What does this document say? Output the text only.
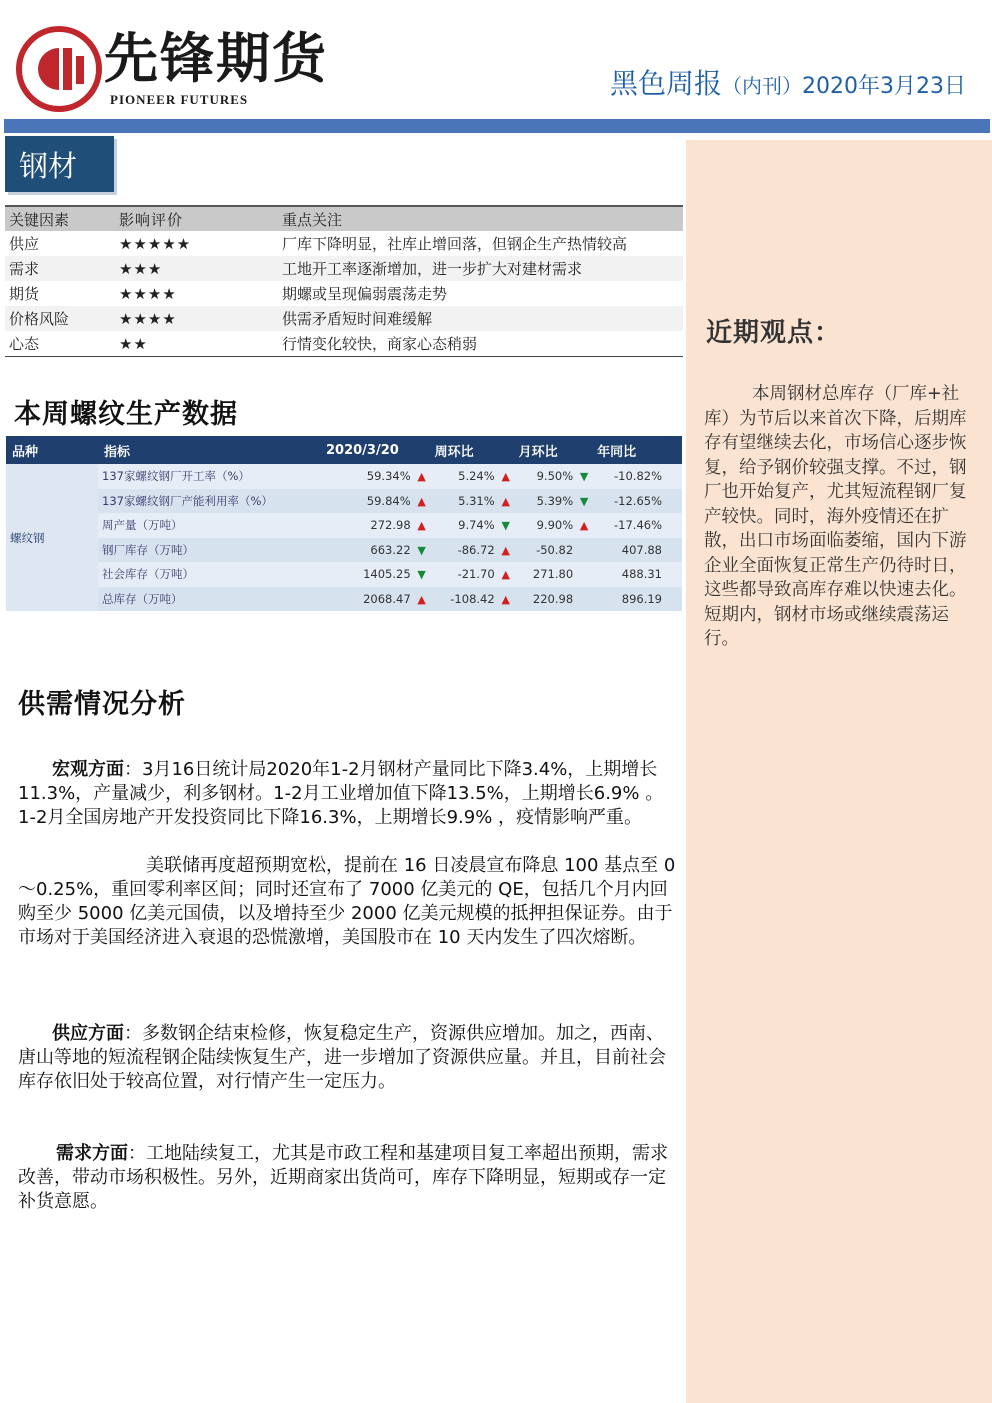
先锋期货
PIONEER FUTURES	黑色周报（内刊）2020年3月23日
近期观点：
本周钢材总库存（厂库+社库）为节后以来首次下降，后期库存有望继续去化，市场信心逐步恢复，给予钢价较强支撑。不过，钢厂也开始复产，尤其短流程钢厂复产较快。同时，海外疫情还在扩散，出口市场面临萎缩，国内下游企业全面恢复正常生产仍待时日，这些都导致高库存难以快速去化。短期内，钢材市场或继续震荡运行。
钢材
关键因素	影响评价	重点关注
供应	★★★★★	厂库下降明显，社库止增回落，但钢企生产热情较高
需求	★★★	工地开工率逐渐增加，进一步扩大对建材需求
期货	★★★★	期螺或呈现偏弱震荡走势
价格风险	★★★★	供需矛盾短时间难缓解
心态	★★	行情变化较快，商家心态稍弱
本周螺纹生产数据
品种	指标	2020/3/20		周环比		月环比		年同比	
螺纹钢	137家螺纹钢厂开工率（%）	59.34%	▲	5.24%	▲	9.50%	▼	-10.82%	
	137家螺纹钢厂产能利用率（%）	59.84%	▲	5.31%	▲	5.39%	▼	-12.65%	
	周产量（万吨）	272.98	▲	9.74%	▼	9.90%	▲	-17.46%	
	钢厂库存（万吨）	663.22	▼	-86.72	▲	-50.82		407.88	
	社会库存（万吨）	1405.25	▼	-21.70	▲	271.80		488.31	
	总库存（万吨）	2068.47	▲	-108.42	▲	220.98		896.19	
供需情况分析
宏观方面：3月16日统计局2020年1-2月钢材产量同比下降3.4%，上期增长11.3%，产量减少，利多钢材。1-2月工业增加值下降13.5%，上期增长6.9% 。1-2月全国房地产开发投资同比下降16.3%，上期增长9.9% ，疫情影响严重。
美联储再度超预期宽松，提前在 16 日凌晨宣布降息 100 基点至 0～0.25%，重回零利率区间；同时还宣布了 7000 亿美元的 QE，包括几个月内回购至少 5000 亿美元国债，以及增持至少 2000 亿美元规模的抵押担保证券。由于市场对于美国经济进入衰退的恐慌激增，美国股市在 10 天内发生了四次熔断。
供应方面：多数钢企结束检修，恢复稳定生产，资源供应增加。加之，西南、唐山等地的短流程钢企陆续恢复生产，进一步增加了资源供应量。并且，目前社会库存依旧处于较高位置，对行情产生一定压力。
需求方面：工地陆续复工，尤其是市政工程和基建项目复工率超出预期，需求改善，带动市场积极性。另外，近期商家出货尚可，库存下降明显，短期或存一定补货意愿。
